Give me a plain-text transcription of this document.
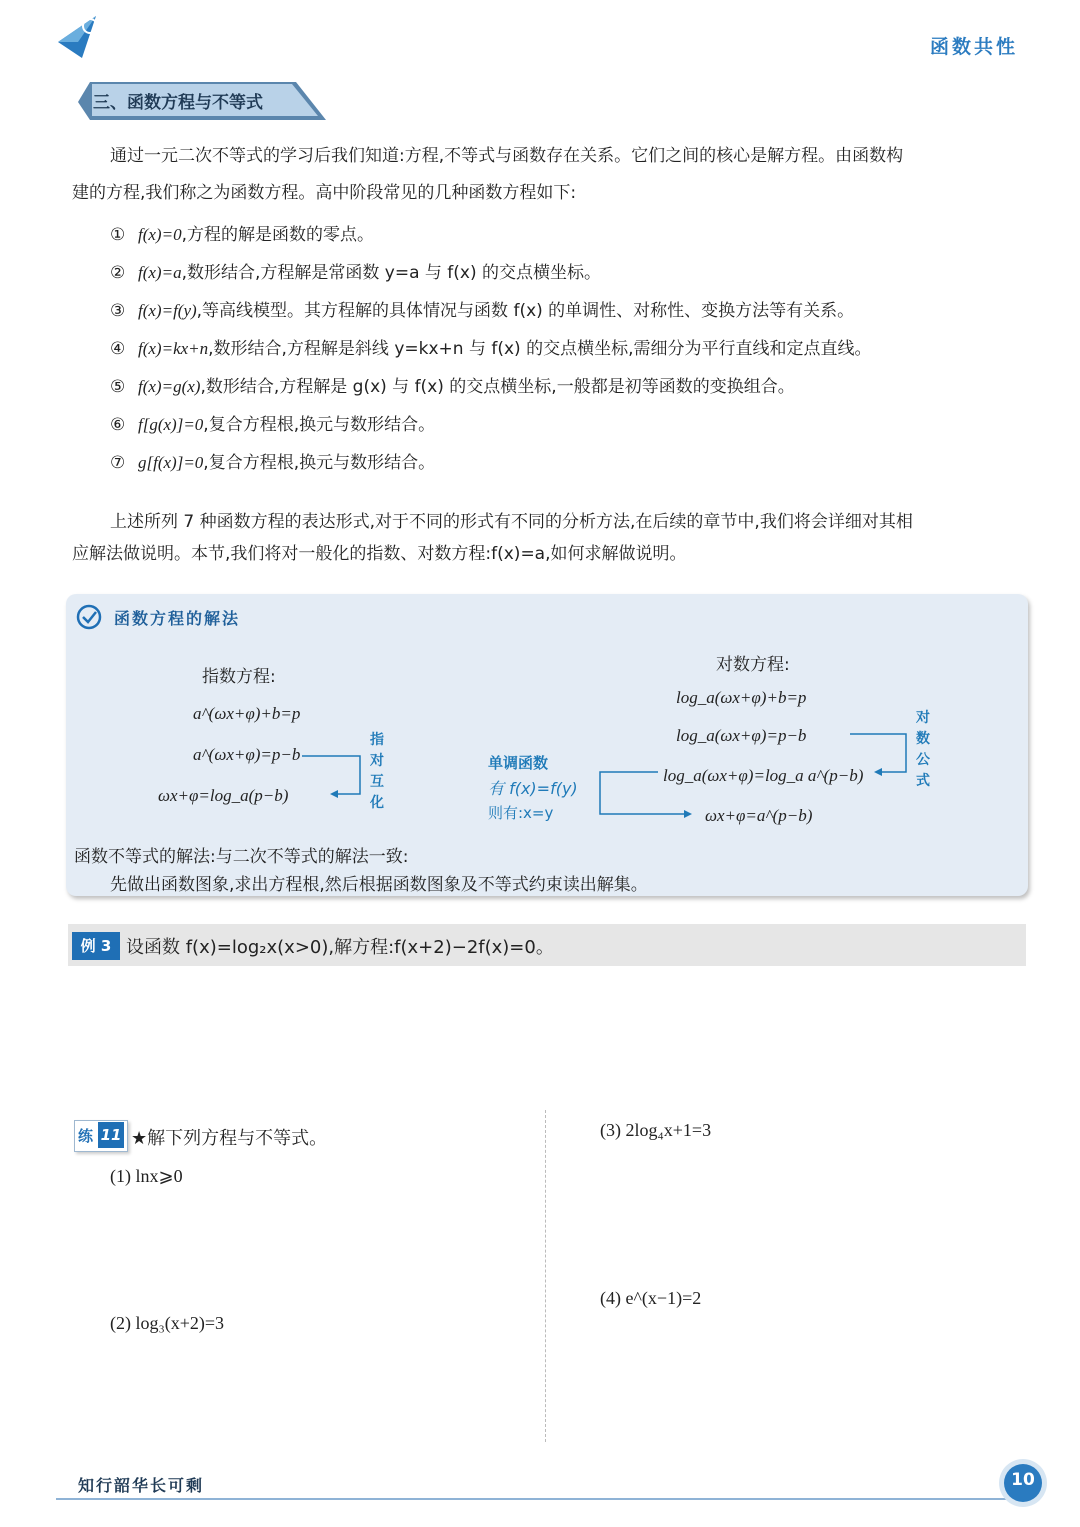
函数共性
三、函数方程与不等式
通过一元二次不等式的学习后我们知道:方程,不等式与函数存在关系。它们之间的核心是解方程。由函数构
建的方程,我们称之为函数方程。高中阶段常见的几种函数方程如下:
① f(x)=0,方程的解是函数的零点。
② f(x)=a,数形结合,方程解是常函数 y=a 与 f(x) 的交点横坐标。
③ f(x)=f(y),等高线模型。其方程解的具体情况与函数 f(x) 的单调性、对称性、变换方法等有关系。
④ f(x)=kx+n,数形结合,方程解是斜线 y=kx+n 与 f(x) 的交点横坐标,需细分为平行直线和定点直线。
⑤ f(x)=g(x),数形结合,方程解是 g(x) 与 f(x) 的交点横坐标,一般都是初等函数的变换组合。
⑥ f[g(x)]=0,复合方程根,换元与数形结合。
⑦ g[f(x)]=0,复合方程根,换元与数形结合。
上述所列 7 种函数方程的表达形式,对于不同的形式有不同的分析方法,在后续的章节中,我们将会详细对其相
应解法做说明。本节,我们将对一般化的指数、对数方程:f(x)=a,如何求解做说明。
函数方程的解法
指数方程:
a^(ωx+φ)+b=p
a^(ωx+φ)=p−b
ωx+φ=log_a(p−b)
指对互化
单调函数
有 f(x)=f(y)
则有:x=y
对数方程:
log_a(ωx+φ)+b=p
log_a(ωx+φ)=p−b
log_a(ωx+φ)=log_a a^(p−b)
ωx+φ=a^(p−b)
对数公式
函数不等式的解法:与二次不等式的解法一致:
先做出函数图象,求出方程根,然后根据函数图象及不等式约束读出解集。
例 3 设函数 f(x)=log₂x(x>0),解方程:f(x+2)−2f(x)=0。
练 11 ★解下列方程与不等式。
(1) lnx⩾0
(2) log₃(x+2)=3
(3) 2log₄x+1=3
(4) e^(x−1)=2
知行韶华长可剩	10
